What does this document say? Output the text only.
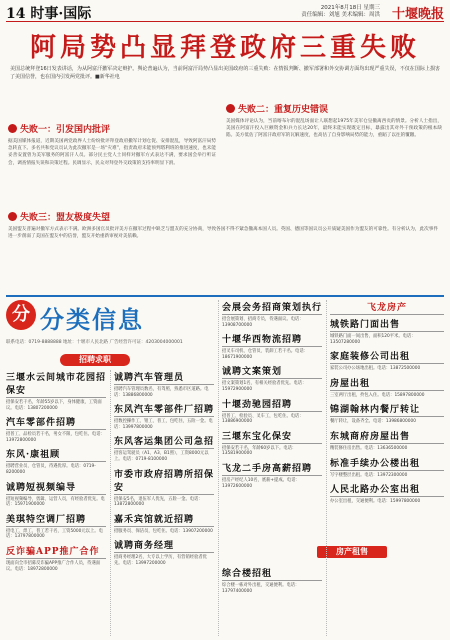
14 时事·国际	2021年8月18日 星期三
责任编辑：刘旭 美术编辑：周洪 十堰晚报
阿局势凸显拜登政府三重失败
美国总统拜登16日发表讲话，为从阿富汗撤军决定辩护。舆论普遍认为，当前阿富汗局势凸显出美国政府的三重失败：在情报判断、撤军部署和外交协调方面均出现严重失误，不仅在国际上损害了美国信誉，也在国内引发两党批评。■新华社电
失败一：引发国内批评
据美国媒体报道，近期美国两党政界人士纷纷批评拜登政府撤军计划仓促、安排混乱，导致阿富汗局势急转直下。多名共和党议员认为此次撤军是一场“灾难”，指责政府未能预判塔利班的推进速度，也未能妥善安置曾为美军服务的阿富汗人员。部分民主党人士同样对撤军方式表达不满，要求国会举行听证会，调查情报失误和决策过程。民调显示，民众对拜登外交政策的支持率明显下滑。
失败二：重复历史错误
美国媒体评论认为，当前喀布尔的混乱场面让人联想起1975年美军仓皇撤离西贡的情景。分析人士指出，美国在阿富汗投入巨额资金和兵力长达20年，最终未能实现既定目标，暴露出其对外干预政策的根本缺陷。美方低估了阿富汗政府军的瓦解速度，也高估了自身影响局势的能力，重蹈了以往的覆辙。
失败三：盟友极度失望
美国盟友普遍对撤军方式表示不满。欧洲多国官员批评美方在撤军过程中缺乏与盟友的充分协商，导致各国不得不紧急撤离本国人员。英国、德国等国议员公开质疑美国作为盟友的可靠性。有分析认为，此次事件进一步削弱了美国在盟友中的信誉，盟友开始重新审视对美依赖。
分 分类信息
联系电话：0719-8888888 地址：十堰市人民北路 广告经营许可证：4203004000001
招聘求职
三堰水云间城市花园招保安
招保安若干名，年龄55岁以下，身体健康，工资面议。电话：13807200000
汽车零部件招聘
招普工、品检员若干名，男女不限，包吃住。电话：13972800000
东风·康祖顾
招聘营业员、仓管员，待遇优厚。电话：0719-8200000
诚聘短视频编导
招短视频编导、剪辑、运营人员，有经验者优先。电话：15971900000
美琪特空调厂招聘
招电工、焊工、普工若干名，工资5000元以上。电话：13797800000
反诈骗APP推广合作
现面向全市招募反诈骗APP推广合作人员，待遇面议。电话：18972800000
诚聘汽车管理员
招聘汽车管理员数名，有驾照，熟悉市区道路。电话：13886800000
东风汽车零部件厂招聘
招数控操作工、钳工、普工，包吃住，五险一金。电话：13997800000
东风客运集团公司急招
招客运驾驶员（A1、A3、B1照），工资8000元以上。电话：0719-8100000
市委市政府招聘所招保安
招保安5名，退伍军人优先，五险一金。电话：13872800000
嘉禾宾馆就近招聘
招服务员、保洁员，包吃住。电话：13907200000
诚聘商务经理
招商务经理2名，大专以上学历，有营销经验者优先。电话：13997200000
会展会务招商策划执行
招会展策划、招商专员，待遇面议。电话：13908700000
十堰华西物流招聘
招叉车司机、仓管员、装卸工若干名。电话：18671900000
诚聘文案策划
招文案策划1名，有相关经验者优先。电话：15972900000
十堰劲驰园招聘
招普工、检验员、叉车工，包吃住。电话：13886900000
三堰东宝化保安
招保安若干名，年龄60岁以下。电话：13581900000
飞龙二手房高薪招聘
招房产经纪人10名，底薪+提成。电话：13972600000
房产租售
综合楼招租
综合楼一栋对外出租，交通便利。电话：13797400000
飞龙房产
城铁路门面出售
城铁路门面一间出售，面积120平米。电话：13507280000
家庭装修公司出租
家装公司办公场地出租。电话：13872500000
房屋出租
三室两厅出租，拎包入住。电话：15897800000
锦湖翰林内餐厅转让
餐厅转让，设备齐全。电话：13986800000
东城商府房屋出售
精装修住房出售。电话：13636500000
标准手续办公楼出租
写字楼整层出租。电话：13972300000
人民北路办公室出租
办公室出租，交通便利。电话：15997800000
